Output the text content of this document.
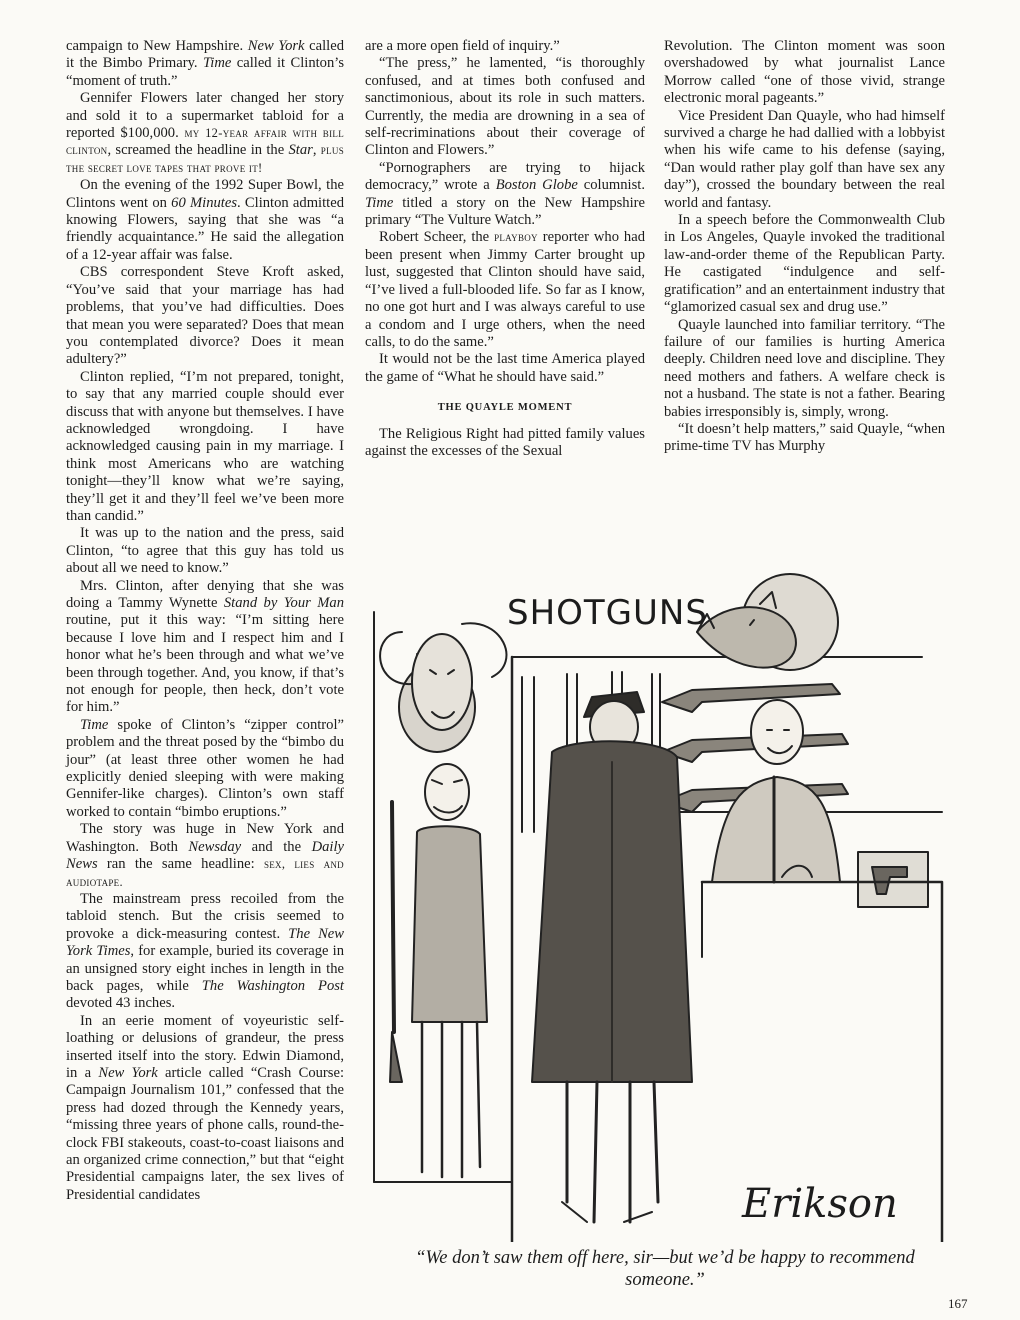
campaign to New Hampshire. New York called it the Bimbo Primary. Time called it Clinton’s “moment of truth.”

Gennifer Flowers later changed her story and sold it to a supermarket tabloid for a reported $100,000. my 12-year affair with bill clinton, screamed the headline in the Star, plus the secret love tapes that prove it!

On the evening of the 1992 Super Bowl, the Clintons went on 60 Minutes. Clinton admitted knowing Flowers, saying that she was “a friendly acquaintance.” He said the allegation of a 12-year affair was false.

CBS correspondent Steve Kroft asked, “You’ve said that your marriage has had problems, that you’ve had difficulties. Does that mean you were separated? Does that mean you contemplated divorce? Does it mean adultery?”

Clinton replied, “I’m not prepared, tonight, to say that any married couple should ever discuss that with anyone but themselves. I have acknowledged wrongdoing. I have acknowledged causing pain in my marriage. I think most Americans who are watching tonight—they’ll know what we’re saying, they’ll get it and they’ll feel we’ve been more than candid.”

It was up to the nation and the press, said Clinton, “to agree that this guy has told us about all we need to know.”

Mrs. Clinton, after denying that she was doing a Tammy Wynette Stand by Your Man routine, put it this way: “I’m sitting here because I love him and I respect him and I honor what he’s been through and what we’ve been through together. And, you know, if that’s not enough for people, then heck, don’t vote for him.”

Time spoke of Clinton’s “zipper control” problem and the threat posed by the “bimbo du jour” (at least three other women he had explicitly denied sleeping with were making Gennifer-like charges). Clinton’s own staff worked to contain “bimbo eruptions.”

The story was huge in New York and Washington. Both Newsday and the Daily News ran the same headline: sex, lies and audiotape.

The mainstream press recoiled from the tabloid stench. But the crisis seemed to provoke a dick-measuring contest. The New York Times, for example, buried its coverage in an unsigned story eight inches in length in the back pages, while The Washington Post devoted 43 inches.

In an eerie moment of voyeuristic self-loathing or delusions of grandeur, the press inserted itself into the story. Edwin Diamond, in a New York article called “Crash Course: Campaign Journalism 101,” confessed that the press had dozed through the Kennedy years, “missing three years of phone calls, round-the-clock FBI stakeouts, coast-to-coast liaisons and an organized crime connection,” but that “eight Presidential campaigns later, the sex lives of Presidential candidates

are a more open field of inquiry.”

“The press,” he lamented, “is thoroughly confused, and at times both confused and sanctimonious, about its role in such matters. Currently, the media are drowning in a sea of self-recriminations about their coverage of Clinton and Flowers.”

“Pornographers are trying to hijack democracy,” wrote a Boston Globe columnist. Time titled a story on the New Hampshire primary “The Vulture Watch.”

Robert Scheer, the playboy reporter who had been present when Jimmy Carter brought up lust, suggested that Clinton should have said, “I’ve lived a full-blooded life. So far as I know, no one got hurt and I was always careful to use a condom and I urge others, when the need calls, to do the same.”

It would not be the last time America played the game of “What he should have said.”

THE QUAYLE MOMENT

The Religious Right had pitted family values against the excesses of the Sexual

Revolution. The Clinton moment was soon overshadowed by what journalist Lance Morrow called “one of those vivid, strange electronic moral pageants.”

Vice President Dan Quayle, who had himself survived a charge he had dallied with a lobbyist when his wife came to his defense (saying, “Dan would rather play golf than have sex any day”), crossed the boundary between the real world and fantasy.

In a speech before the Commonwealth Club in Los Angeles, Quayle invoked the traditional law-and-order theme of the Republican Party. He castigated “indulgence and self-gratification” and an entertainment industry that “glamorized casual sex and drug use.”

Quayle launched into familiar territory. “The failure of our families is hurting America deeply. Children need love and discipline. They need mothers and fathers. A welfare check is not a husband. The state is not a father. Bearing babies irresponsibly is, simply, wrong.

“It doesn’t help matters,” said Quayle, “when prime-time TV has Murphy

SHOTGUNS
Erikson
“We don’t saw them off here, sir—but we’d be happy to recommend someone.”
167
